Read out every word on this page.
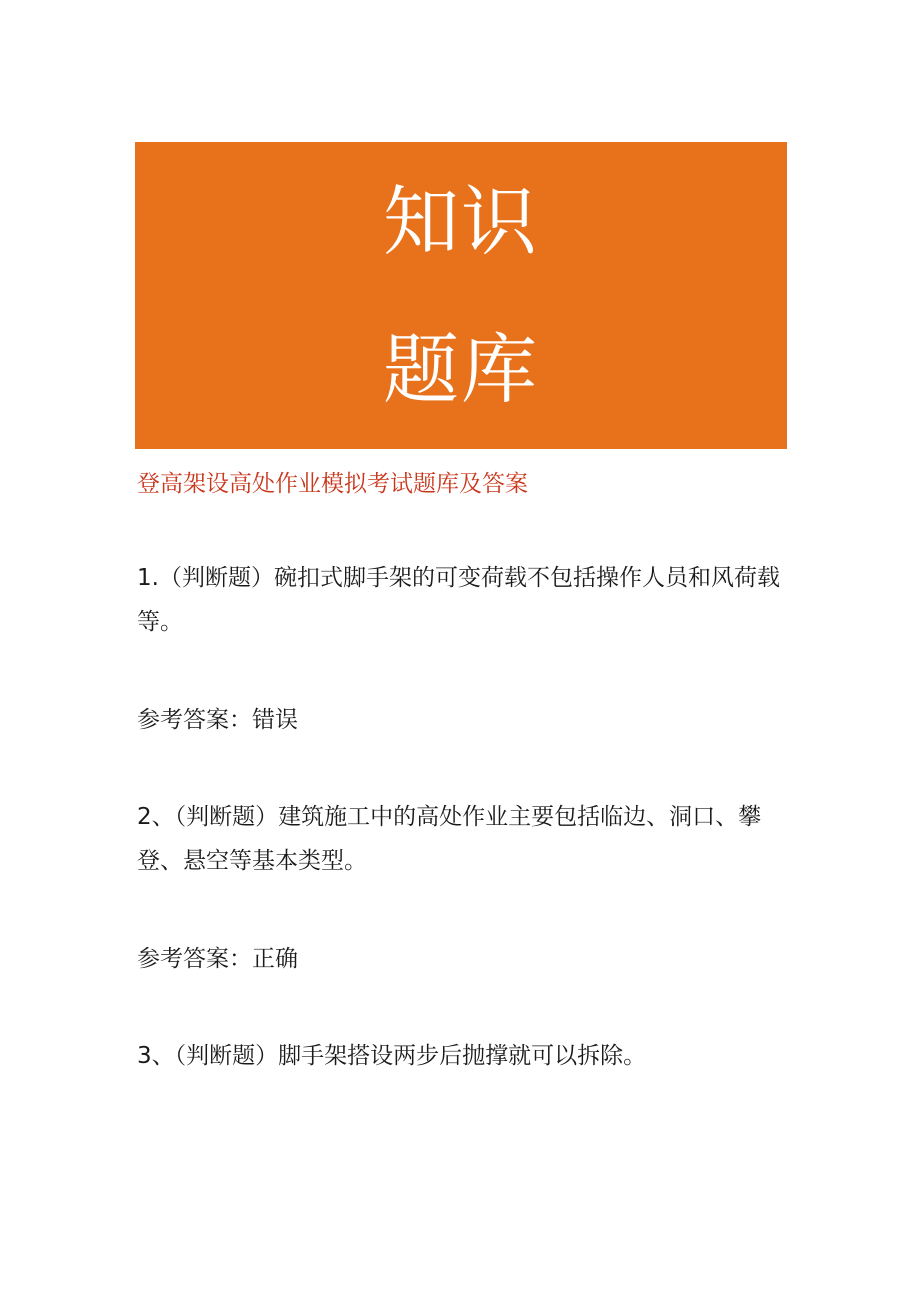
知识

题库

登高架设高处作业模拟考试题库及答案

1.（判断题）碗扣式脚手架的可变荷载不包括操作人员和风荷载等。

参考答案：错误

2、（判断题）建筑施工中的高处作业主要包括临边、洞口、攀登、悬空等基本类型。

参考答案：正确

3、（判断题）脚手架搭设两步后抛撑就可以拆除。
